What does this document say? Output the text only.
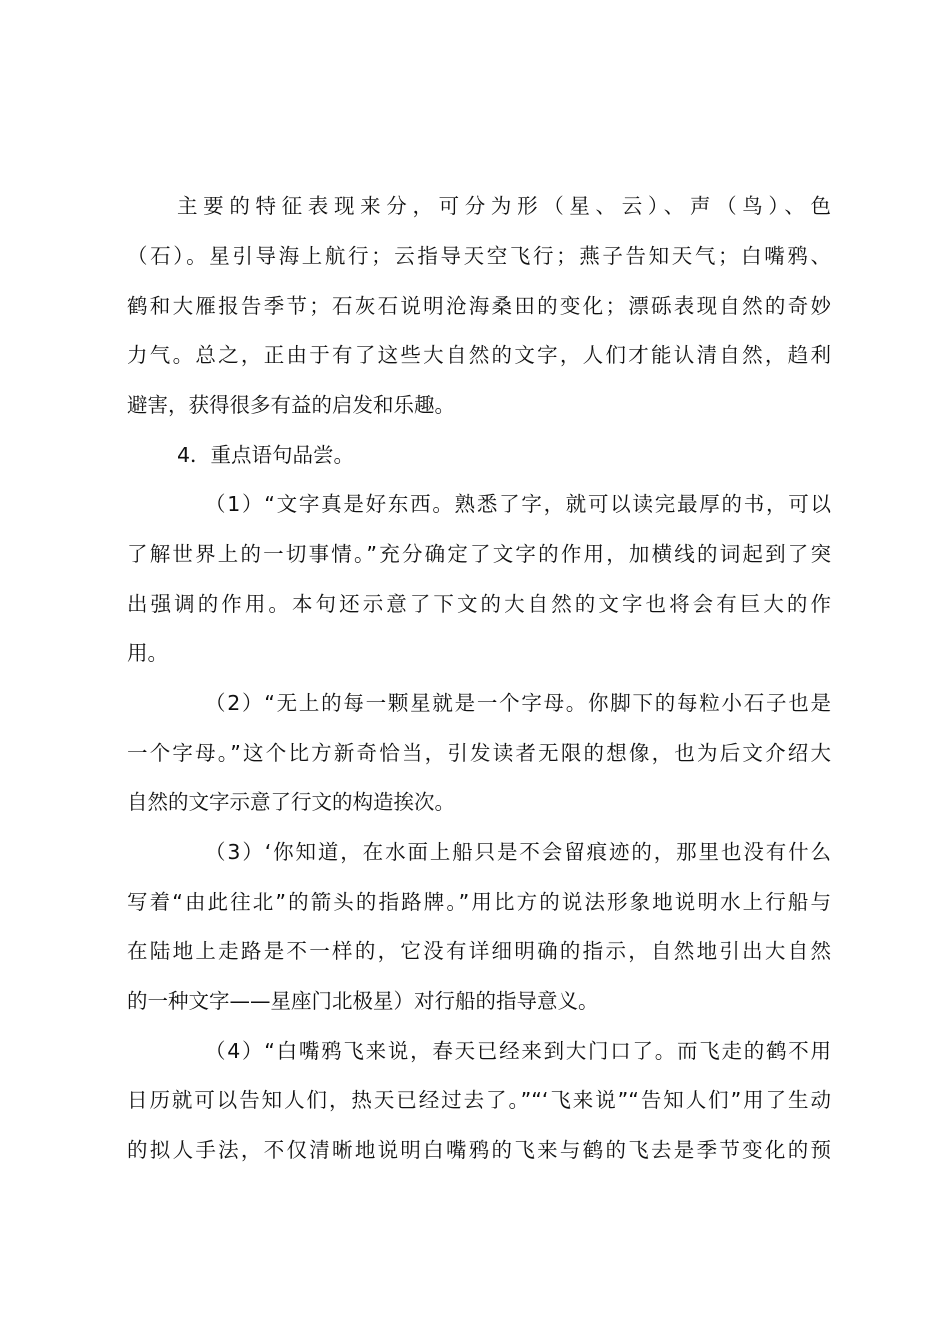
主要的特征表现来分，可分为形（星、云）、声（鸟）、色
（石）。星引导海上航行；云指导天空飞行；燕子告知天气；白嘴鸦、
鹤和大雁报告季节；石灰石说明沧海桑田的变化；漂砾表现自然的奇妙
力气。总之，正由于有了这些大自然的文字，人们才能认清自然，趋利
避害，获得很多有益的启发和乐趣。
4．重点语句品尝。
（1）“文字真是好东西。熟悉了字，就可以读完最厚的书，可以
了解世界上的一切事情。”充分确定了文字的作用，加横线的词起到了突
出强调的作用。本句还示意了下文的大自然的文字也将会有巨大的作
用。
（2）“无上的每一颗星就是一个字母。你脚下的每粒小石子也是
一个字母。”这个比方新奇恰当，引发读者无限的想像，也为后文介绍大
自然的文字示意了行文的构造挨次。
（3）‘你知道，在水面上船只是不会留痕迹的，那里也没有什么
写着“由此往北”的箭头的指路牌。”用比方的说法形象地说明水上行船与
在陆地上走路是不一样的，它没有详细明确的指示，自然地引出大自然
的一种文字——星座门北极星）对行船的指导意义。
（4）“白嘴鸦飞来说，春天已经来到大门口了。而飞走的鹤不用
日历就可以告知人们，热天已经过去了。”“‘飞来说”“告知人们”用了生动
的拟人手法，不仅清晰地说明白嘴鸦的飞来与鹤的飞去是季节变化的预
